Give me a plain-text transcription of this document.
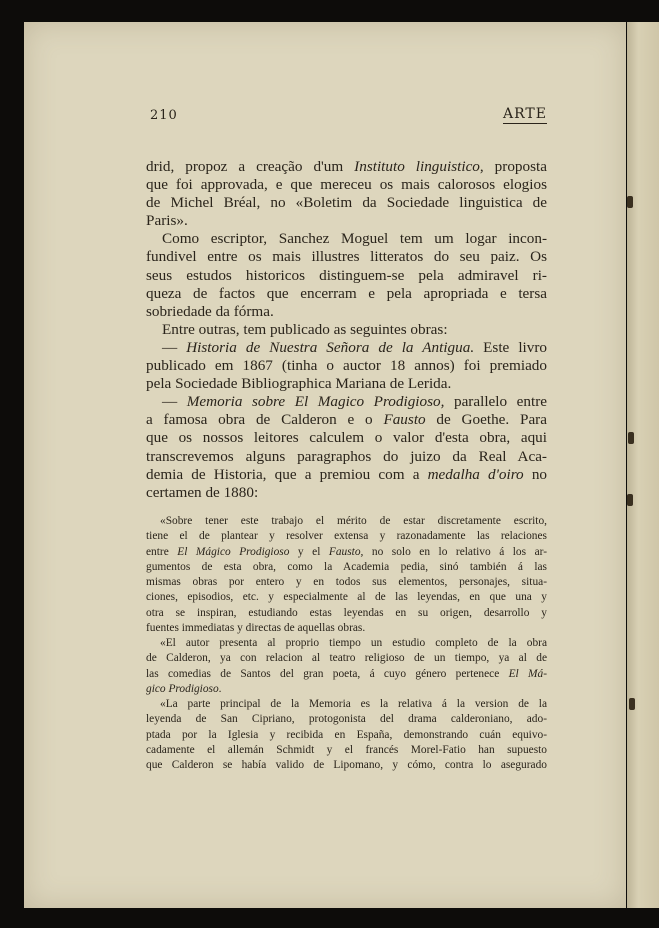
210	ARTE
drid, propoz a creação d'um Instituto linguistico, proposta
que foi approvada, e que mereceu os mais calorosos elogios
de Michel Bréal, no «Boletim da Sociedade linguistica de
Paris».
Como escriptor, Sanchez Moguel tem um logar incon-
fundivel entre os mais illustres litteratos do seu paiz. Os
seus estudos historicos distinguem-se pela admiravel ri-
queza de factos que encerram e pela apropriada e tersa
sobriedade da fórma.
Entre outras, tem publicado as seguintes obras:
— Historia de Nuestra Señora de la Antigua. Este livro
publicado em 1867 (tinha o auctor 18 annos) foi premiado
pela Sociedade Bibliographica Mariana de Lerida.
— Memoria sobre El Magico Prodigioso, parallelo entre
a famosa obra de Calderon e o Fausto de Goethe. Para
que os nossos leitores calculem o valor d'esta obra, aqui
transcrevemos alguns paragraphos do juizo da Real Aca-
demia de Historia, que a premiou com a medalha d'oiro no
certamen de 1880:
«Sobre tener este trabajo el mérito de estar discretamente escrito,
tiene el de plantear y resolver extensa y razonadamente las relaciones
entre El Mágico Prodigioso y el Fausto, no solo en lo relativo á los ar-
gumentos de esta obra, como la Academia pedia, sinó también á las
mismas obras por entero y en todos sus elementos, personajes, situa-
ciones, episodios, etc. y especialmente al de las leyendas, en que una y
otra se inspiran, estudiando estas leyendas en su origen, desarrollo y
fuentes immediatas y directas de aquellas obras.
«El autor presenta al proprio tiempo un estudio completo de la obra
de Calderon, ya con relacion al teatro religioso de un tiempo, ya al de
las comedias de Santos del gran poeta, á cuyo género pertenece El Má-
gico Prodigioso.
«La parte principal de la Memoria es la relativa á la version de la
leyenda de San Cipriano, protogonista del drama calderoniano, ado-
ptada por la Iglesia y recibida en España, demonstrando cuán equivo-
cadamente el allemán Schmidt y el francés Morel-Fatio han supuesto
que Calderon se había valido de Lipomano, y cómo, contra lo asegurado
